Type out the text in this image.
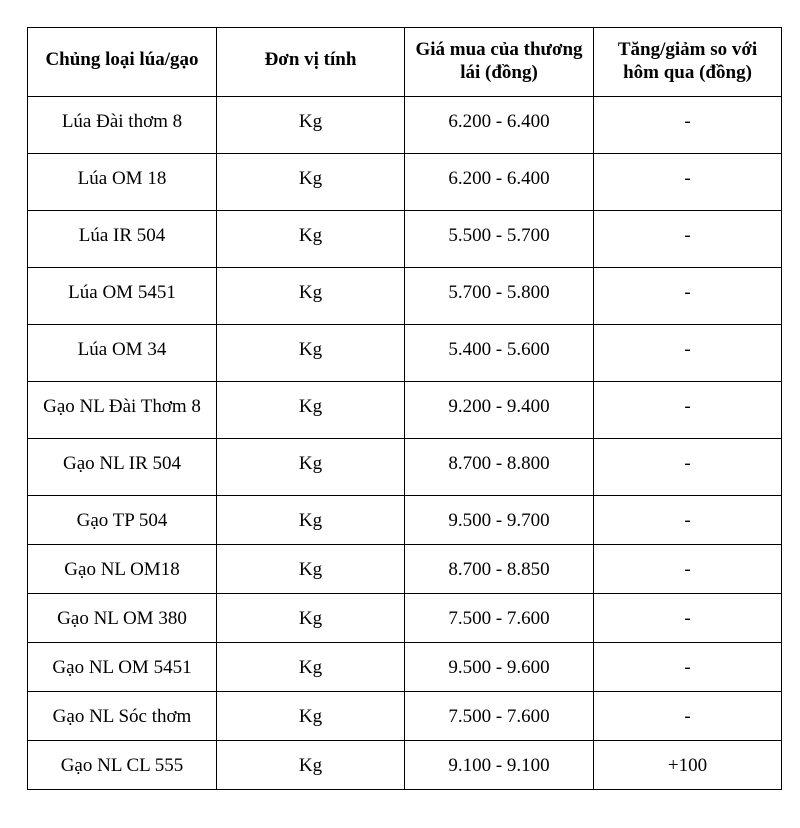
Chủng loại lúa/gạo	Đơn vị tính	Giá mua của thương lái (đồng)	Tăng/giảm so với hôm qua (đồng)
Lúa Đài thơm 8	Kg	6.200 - 6.400	-
Lúa OM 18	Kg	6.200 - 6.400	-
Lúa IR 504	Kg	5.500 - 5.700	-
Lúa OM 5451	Kg	5.700 - 5.800	-
Lúa OM 34	Kg	5.400 - 5.600	-
Gạo NL Đài Thơm 8	Kg	9.200 - 9.400	-
Gạo NL IR 504	Kg	8.700 - 8.800	-
Gạo TP 504	Kg	9.500 - 9.700	-
Gạo NL OM18	Kg	8.700 - 8.850	-
Gạo NL OM 380	Kg	7.500 - 7.600	-
Gạo NL OM 5451	Kg	9.500 - 9.600	-
Gạo NL Sóc thơm	Kg	7.500 - 7.600	-
Gạo NL CL 555	Kg	9.100 - 9.100	+100
